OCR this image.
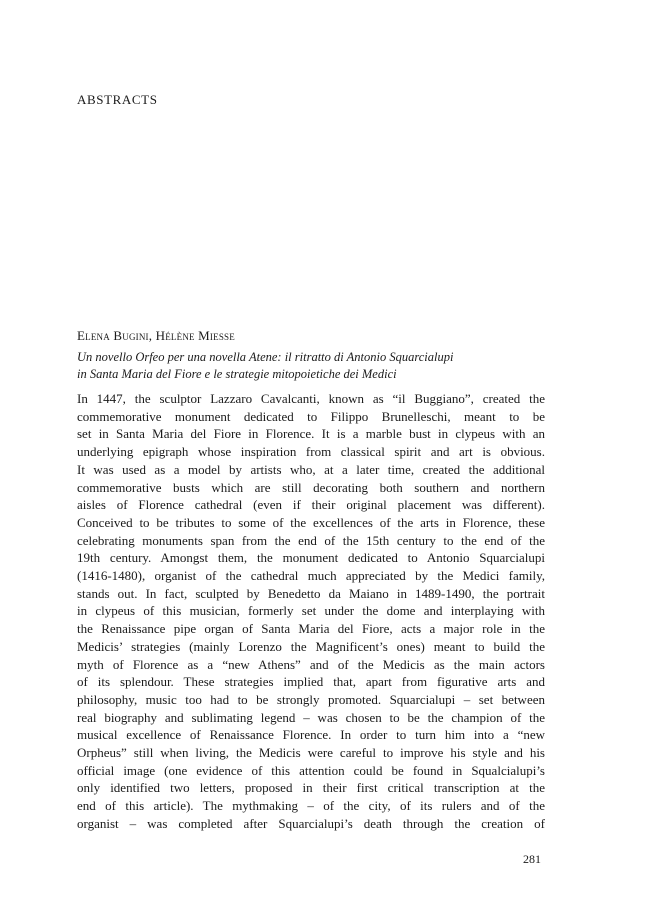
ABSTRACTS
Elena Bugini, Hélène Miesse
Un novello Orfeo per una novella Atene: il ritratto di Antonio Squarcialupi
in Santa Maria del Fiore e le strategie mitopoietiche dei Medici
In 1447, the sculptor Lazzaro Cavalcanti, known as “il Buggiano”, created the
commemorative monument dedicated to Filippo Brunelleschi, meant to be
set in Santa Maria del Fiore in Florence. It is a marble bust in clypeus with an
underlying epigraph whose inspiration from classical spirit and art is obvious.
It was used as a model by artists who, at a later time, created the additional
commemorative busts which are still decorating both southern and northern
aisles of Florence cathedral (even if their original placement was different).
Conceived to be tributes to some of the excellences of the arts in Florence, these
celebrating monuments span from the end of the 15th century to the end of the
19th century. Amongst them, the monument dedicated to Antonio Squarcialupi
(1416-1480), organist of the cathedral much appreciated by the Medici family,
stands out. In fact, sculpted by Benedetto da Maiano in 1489-1490, the portrait
in clypeus of this musician, formerly set under the dome and interplaying with
the Renaissance pipe organ of Santa Maria del Fiore, acts a major role in the
Medicis’ strategies (mainly Lorenzo the Magnificent’s ones) meant to build the
myth of Florence as a “new Athens” and of the Medicis as the main actors
of its splendour. These strategies implied that, apart from figurative arts and
philosophy, music too had to be strongly promoted. Squarcialupi – set between
real biography and sublimating legend – was chosen to be the champion of the
musical excellence of Renaissance Florence. In order to turn him into a “new
Orpheus” still when living, the Medicis were careful to improve his style and his
official image (one evidence of this attention could be found in Squalcialupi’s
only identified two letters, proposed in their first critical transcription at the
end of this article). The mythmaking – of the city, of its rulers and of the
organist – was completed after Squarcialupi’s death through the creation of
281
